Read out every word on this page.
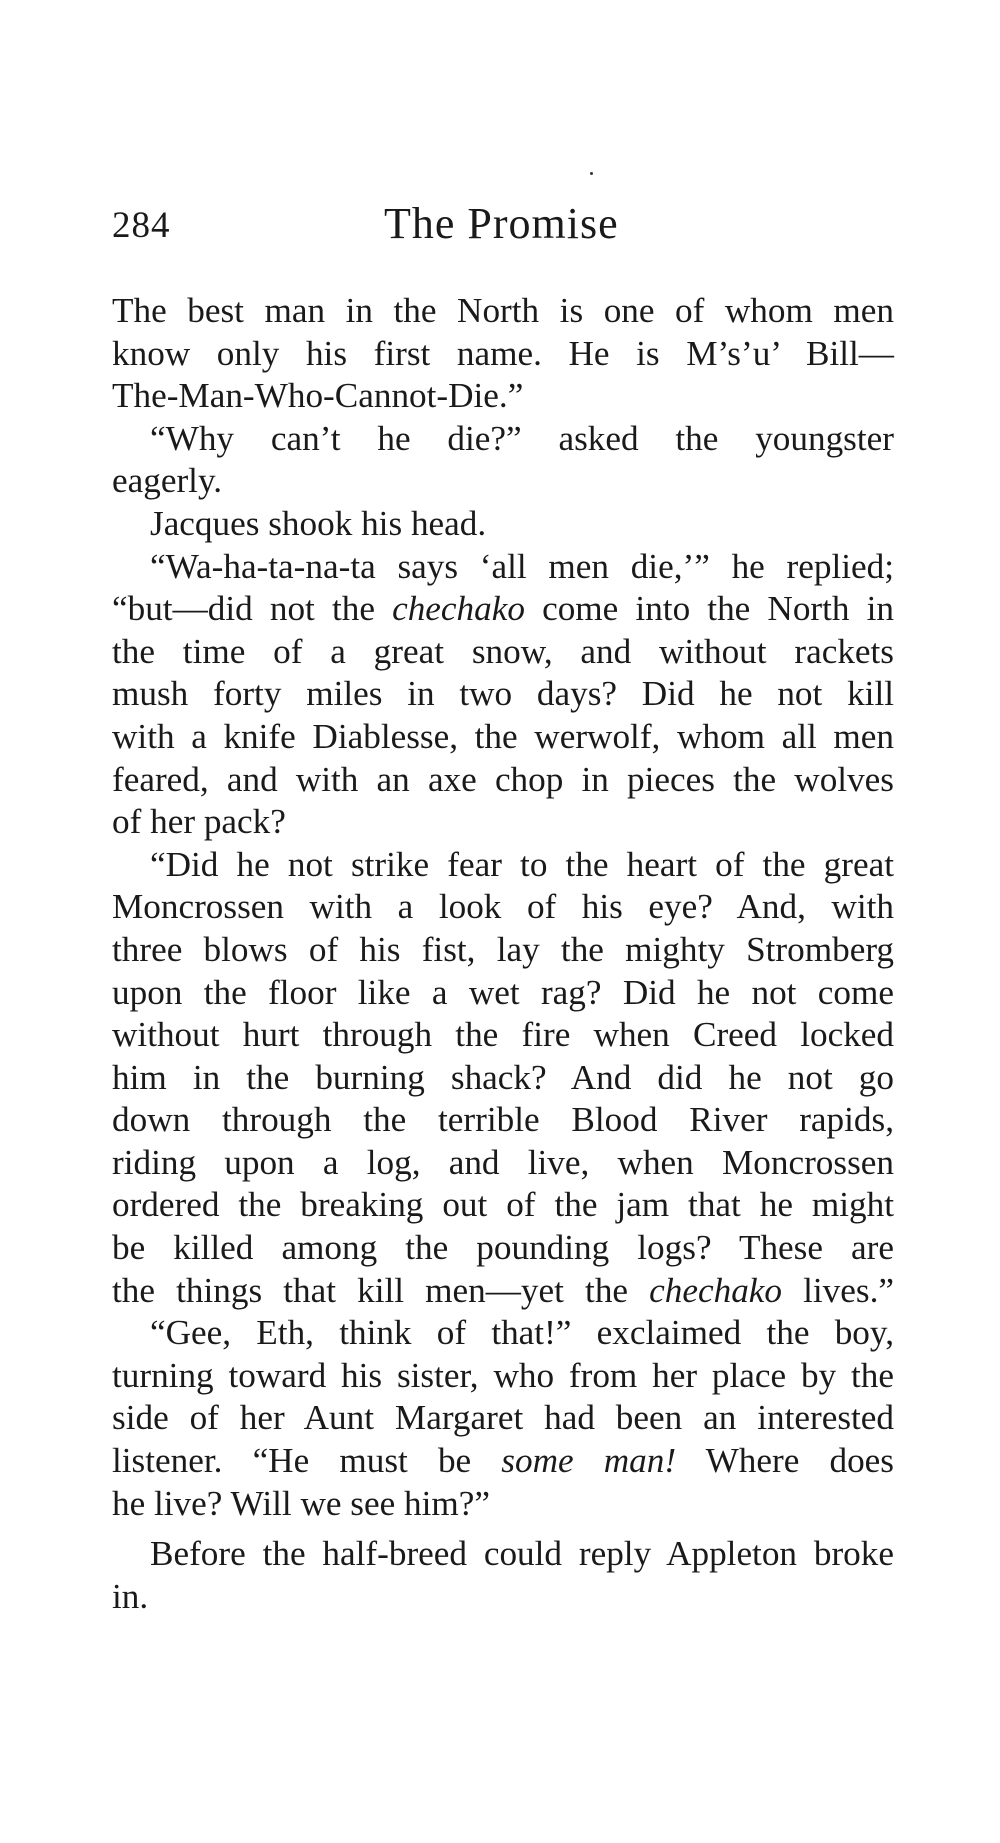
284	The Promise
The best man in the North is one of whom men
know only his first name. He is M’s’u’ Bill—
The-Man-Who-Cannot-Die.”
“Why can’t he die?” asked the youngster
eagerly.
Jacques shook his head.
“Wa-ha-ta-na-ta says ‘all men die,’” he replied;
“but—did not the chechako come into the North in
the time of a great snow, and without rackets
mush forty miles in two days? Did he not kill
with a knife Diablesse, the werwolf, whom all men
feared, and with an axe chop in pieces the wolves
of her pack?
“Did he not strike fear to the heart of the great
Moncrossen with a look of his eye? And, with
three blows of his fist, lay the mighty Stromberg
upon the floor like a wet rag? Did he not come
without hurt through the fire when Creed locked
him in the burning shack? And did he not go
down through the terrible Blood River rapids,
riding upon a log, and live, when Moncrossen
ordered the breaking out of the jam that he might
be killed among the pounding logs? These are
the things that kill men—yet the chechako lives.”
“Gee, Eth, think of that!” exclaimed the boy,
turning toward his sister, who from her place by the
side of her Aunt Margaret had been an interested
listener. “He must be some man! Where does
he live? Will we see him?”
Before the half-breed could reply Appleton broke
in.
